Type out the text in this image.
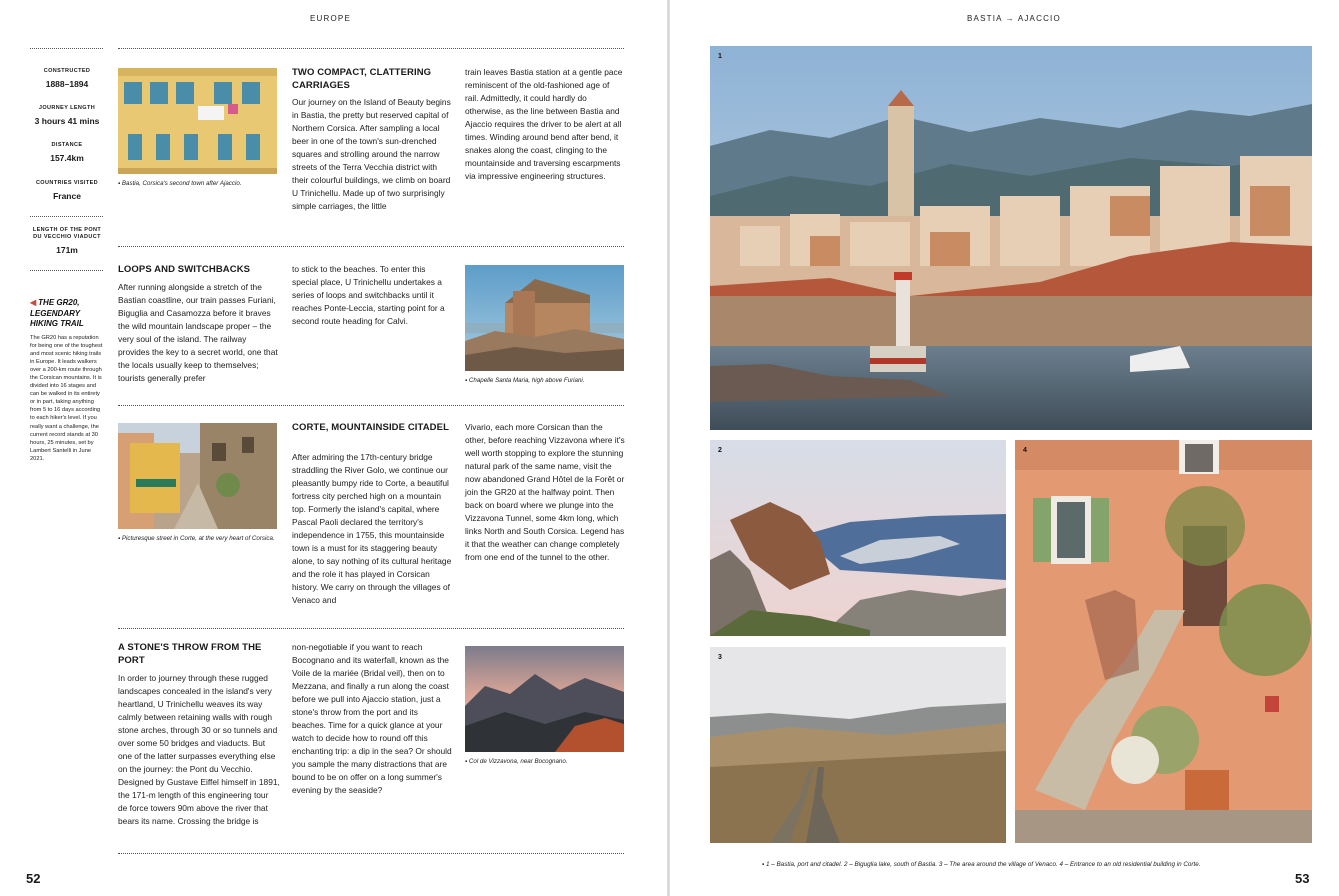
EUROPE
CONSTRUCTED
1888–1894
JOURNEY LENGTH
3 hours 41 mins
DISTANCE
157.4km
COUNTRIES VISITED
France
LENGTH OF THE PONT DU VECCHIO VIADUCT
171m
◀ THE GR20, LEGENDARY HIKING TRAIL
The GR20 has a reputation for being one of the toughest and most scenic hiking trails in Europe. It leads walkers over a 200-km route through the Corsican mountains. It is divided into 16 stages and can be walked in its entirety or in part, taking anything from 5 to 16 days according to each hiker's level. If you really want a challenge, the current record stands at 30 hours, 25 minutes, set by Lambert Santelli in June 2021.
▪ Bastia, Corsica's second town after Ajaccio.
TWO COMPACT, CLATTERING CARRIAGES
Our journey on the Island of Beauty begins in Bastia, the pretty but reserved capital of Northern Corsica. After sampling a local beer in one of the town's sun-drenched squares and strolling around the narrow streets of the Terra Vecchia district with their colourful buildings, we climb on board U Trinichellu. Made up of two surprisingly simple carriages, the little
train leaves Bastia station at a gentle pace reminiscent of the old-fashioned age of rail. Admittedly, it could hardly do otherwise, as the line between Bastia and Ajaccio requires the driver to be alert at all times. Winding around bend after bend, it snakes along the coast, clinging to the mountainside and traversing escarpments via impressive engineering structures.
LOOPS AND SWITCHBACKS
After running alongside a stretch of the Bastian coastline, our train passes Furiani, Biguglia and Casamozza before it braves the wild mountain landscape proper – the very soul of the island. The railway provides the key to a secret world, one that the locals usually keep to themselves; tourists generally prefer
to stick to the beaches. To enter this special place, U Trinichellu undertakes a series of loops and switchbacks until it reaches Ponte-Leccia, starting point for a second route heading for Calvi.
▪ Chapelle Santa Maria, high above Furiani.
▪ Picturesque street in Corte, at the very heart of Corsica.
CORTE, MOUNTAINSIDE CITADEL
After admiring the 17th-century bridge straddling the River Golo, we continue our pleasantly bumpy ride to Corte, a beautiful fortress city perched high on a mountain top. Formerly the island's capital, where Pascal Paoli declared the territory's independence in 1755, this mountainside town is a must for its staggering beauty alone, to say nothing of its cultural heritage and the role it has played in Corsican history. We carry on through the villages of Venaco and
Vivario, each more Corsican than the other, before reaching Vizzavona where it's well worth stopping to explore the stunning natural park of the same name, visit the now abandoned Grand Hôtel de la Forêt or join the GR20 at the halfway point. Then back on board where we plunge into the Vizzavona Tunnel, some 4km long, which links North and South Corsica. Legend has it that the weather can change completely from one end of the tunnel to the other.
A STONE'S THROW FROM THE PORT
In order to journey through these rugged landscapes concealed in the island's very heartland, U Trinichellu weaves its way calmly between retaining walls with rough stone arches, through 30 or so tunnels and over some 50 bridges and viaducts. But one of the latter surpasses everything else on the journey: the Pont du Vecchio. Designed by Gustave Eiffel himself in 1891, the 171-m length of this engineering tour de force towers 90m above the river that bears its name. Crossing the bridge is
non-negotiable if you want to reach Bocognano and its waterfall, known as the Voile de la mariée (Bridal veil), then on to Mezzana, and finally a run along the coast before we pull into Ajaccio station, just a stone's throw from the port and its beaches. Time for a quick glance at your watch to decide how to round off this enchanting trip: a dip in the sea? Or should you sample the many distractions that are bound to be on offer on a long summer's evening by the seaside?
▪ Col de Vizzavona, near Bocognano.
52
BASTIA → AJACCIO
1
2
3
4
▪ 1 – Bastia, port and citadel. 2 – Biguglia lake, south of Bastia. 3 – The area around the village of Venaco. 4 – Entrance to an old residential building in Corte.
53
